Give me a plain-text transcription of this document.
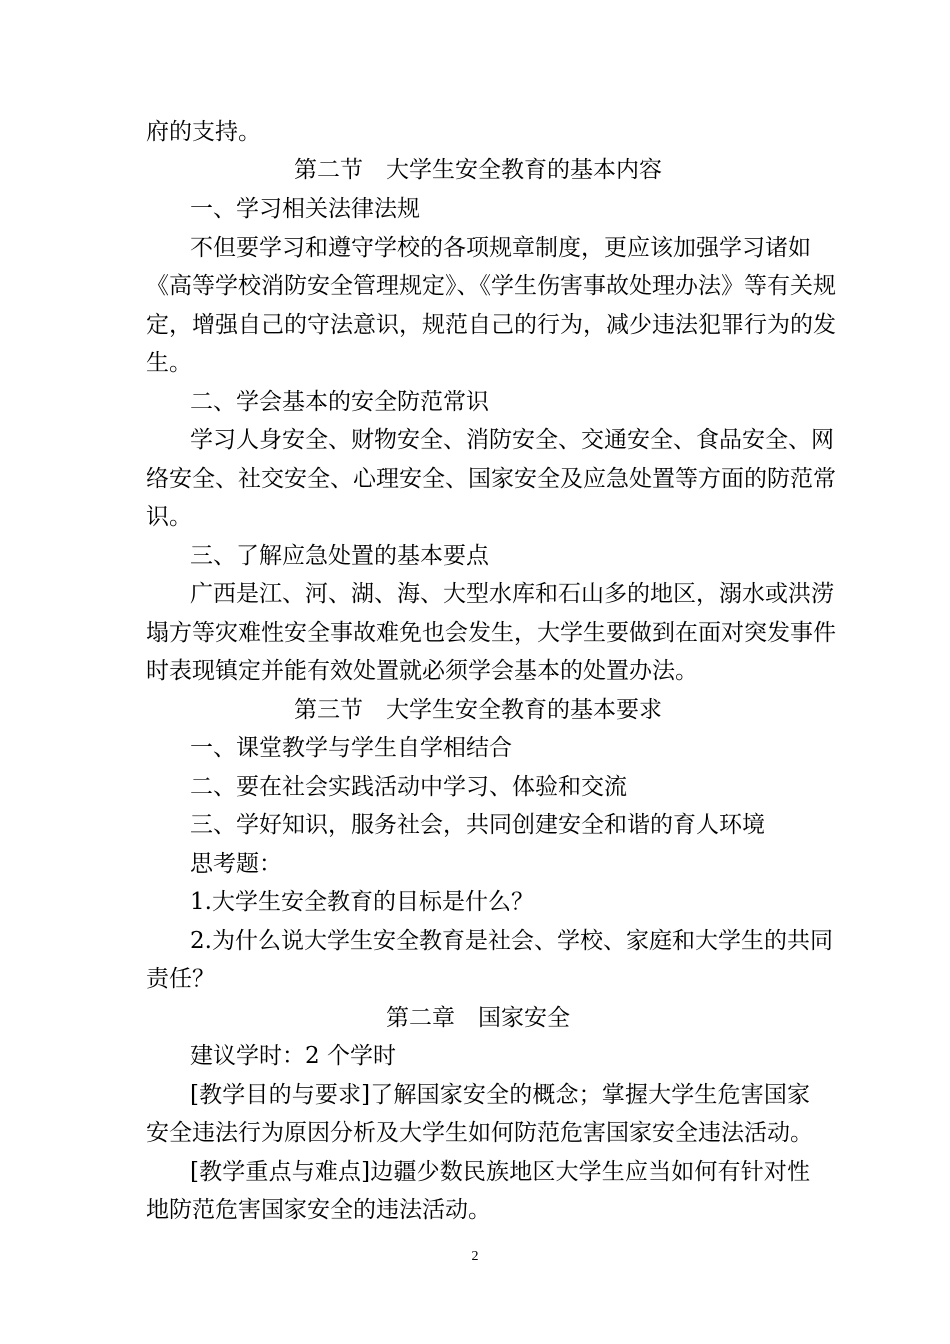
府的支持。
第二节　大学生安全教育的基本内容
一、学习相关法律法规
不但要学习和遵守学校的各项规章制度，更应该加强学习诸如
《高等学校消防安全管理规定》、《学生伤害事故处理办法》等有关规
定，增强自己的守法意识，规范自己的行为，减少违法犯罪行为的发
生。
二、学会基本的安全防范常识
学习人身安全、财物安全、消防安全、交通安全、食品安全、网
络安全、社交安全、心理安全、国家安全及应急处置等方面的防范常
识。
三、了解应急处置的基本要点
广西是江、河、湖、海、大型水库和石山多的地区，溺水或洪涝
塌方等灾难性安全事故难免也会发生，大学生要做到在面对突发事件
时表现镇定并能有效处置就必须学会基本的处置办法。
第三节　大学生安全教育的基本要求
一、课堂教学与学生自学相结合
二、要在社会实践活动中学习、体验和交流
三、学好知识，服务社会，共同创建安全和谐的育人环境
思考题：
1.大学生安全教育的目标是什么？
2.为什么说大学生安全教育是社会、学校、家庭和大学生的共同
责任？
第二章　国家安全
建议学时：2 个学时
[教学目的与要求]了解国家安全的概念；掌握大学生危害国家
安全违法行为原因分析及大学生如何防范危害国家安全违法活动。
[教学重点与难点]边疆少数民族地区大学生应当如何有针对性
地防范危害国家安全的违法活动。
2
